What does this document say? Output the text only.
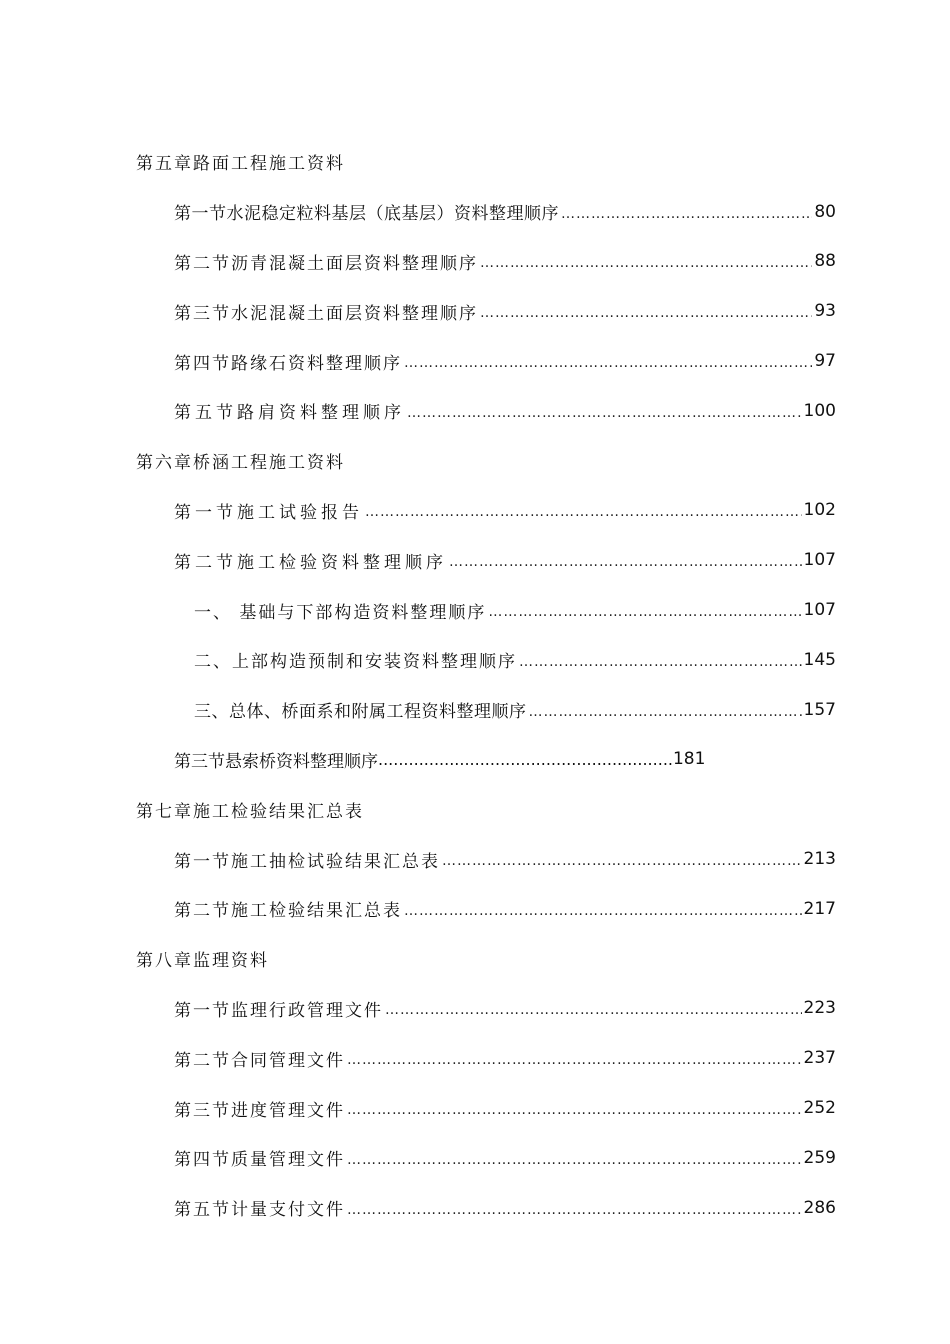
第五章路面工程施工资料
第一节水泥稳定粒料基层（底基层）资料整理顺序 …………………………………………………………………………………………………………………………………………………………	80
第二节沥青混凝土面层资料整理顺序 …………………………………………………………………………………………………………………………………………………………	88
第三节水泥混凝土面层资料整理顺序 …………………………………………………………………………………………………………………………………………………………	93
第四节路缘石资料整理顺序 …………………………………………………………………………………………………………………………………………………………	97
第五节路肩资料整理顺序 …………………………………………………………………………………………………………………………………………………………	100
第六章桥涵工程施工资料
第一节施工试验报告 …………………………………………………………………………………………………………………………………………………………	102
第二节施工检验资料整理顺序 …………………………………………………………………………………………………………………………………………………………	107
一、 基础与下部构造资料整理顺序 …………………………………………………………………………………………………………………………………………………………	107
二、上部构造预制和安装资料整理顺序 …………………………………………………………………………………………………………………………………………………………	145
三、总体、桥面系和附属工程资料整理顺序 …………………………………………………………………………………………………………………………………………………………	157
第三节悬索桥资料整理顺序 .......................................................... 181
第七章施工检验结果汇总表
第一节施工抽检试验结果汇总表 …………………………………………………………………………………………………………………………………………………………	213
第二节施工检验结果汇总表 …………………………………………………………………………………………………………………………………………………………	217
第八章监理资料
第一节监理行政管理文件 …………………………………………………………………………………………………………………………………………………………	223
第二节合同管理文件 …………………………………………………………………………………………………………………………………………………………	237
第三节进度管理文件 …………………………………………………………………………………………………………………………………………………………	252
第四节质量管理文件 …………………………………………………………………………………………………………………………………………………………	259
第五节计量支付文件 …………………………………………………………………………………………………………………………………………………………	286
